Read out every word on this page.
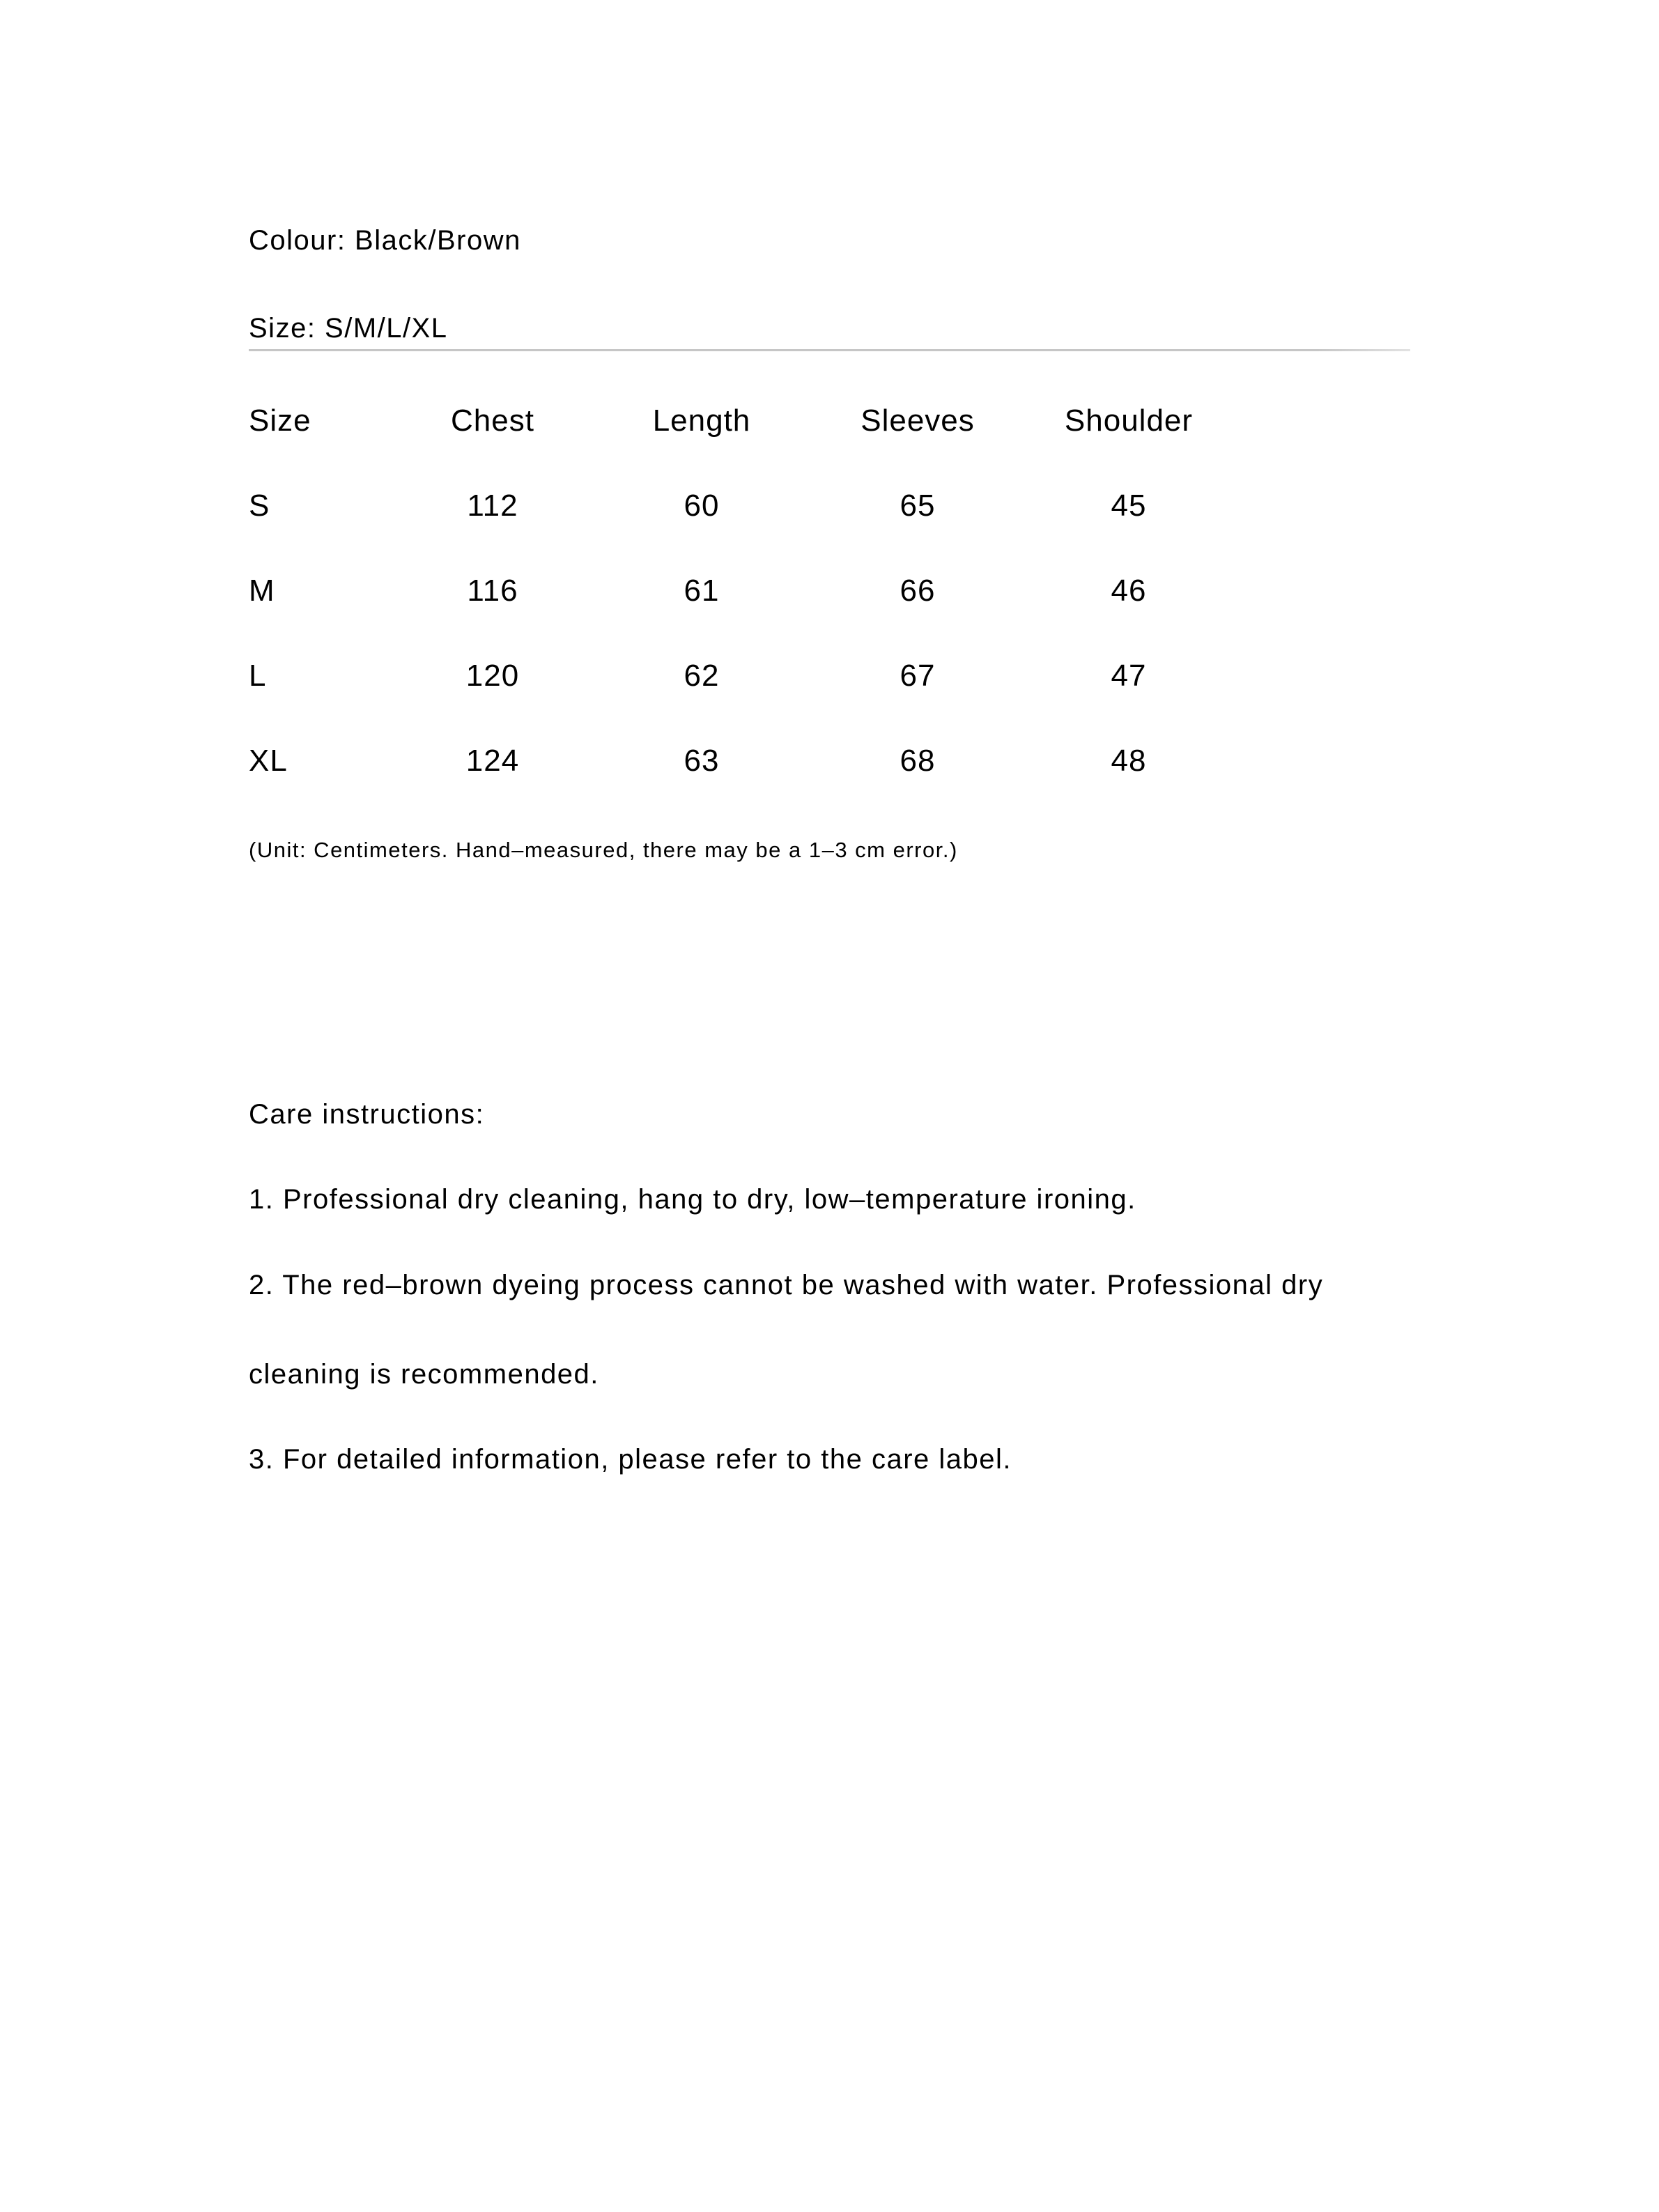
Colour: Black/Brown
Size: S/M/L/XL
Size	Chest	Length	Sleeves	Shoulder
S	112	60	65	45
M	116	61	66	46
L	120	62	67	47
XL	124	63	68	48
(Unit: Centimeters. Hand–measured, there may be a 1–3 cm error.)
Care instructions:
1. Professional dry cleaning, hang to dry, low–temperature ironing.
2. The red–brown dyeing process cannot be washed with water. Professional dry
cleaning is recommended.
3. For detailed information, please refer to the care label.
